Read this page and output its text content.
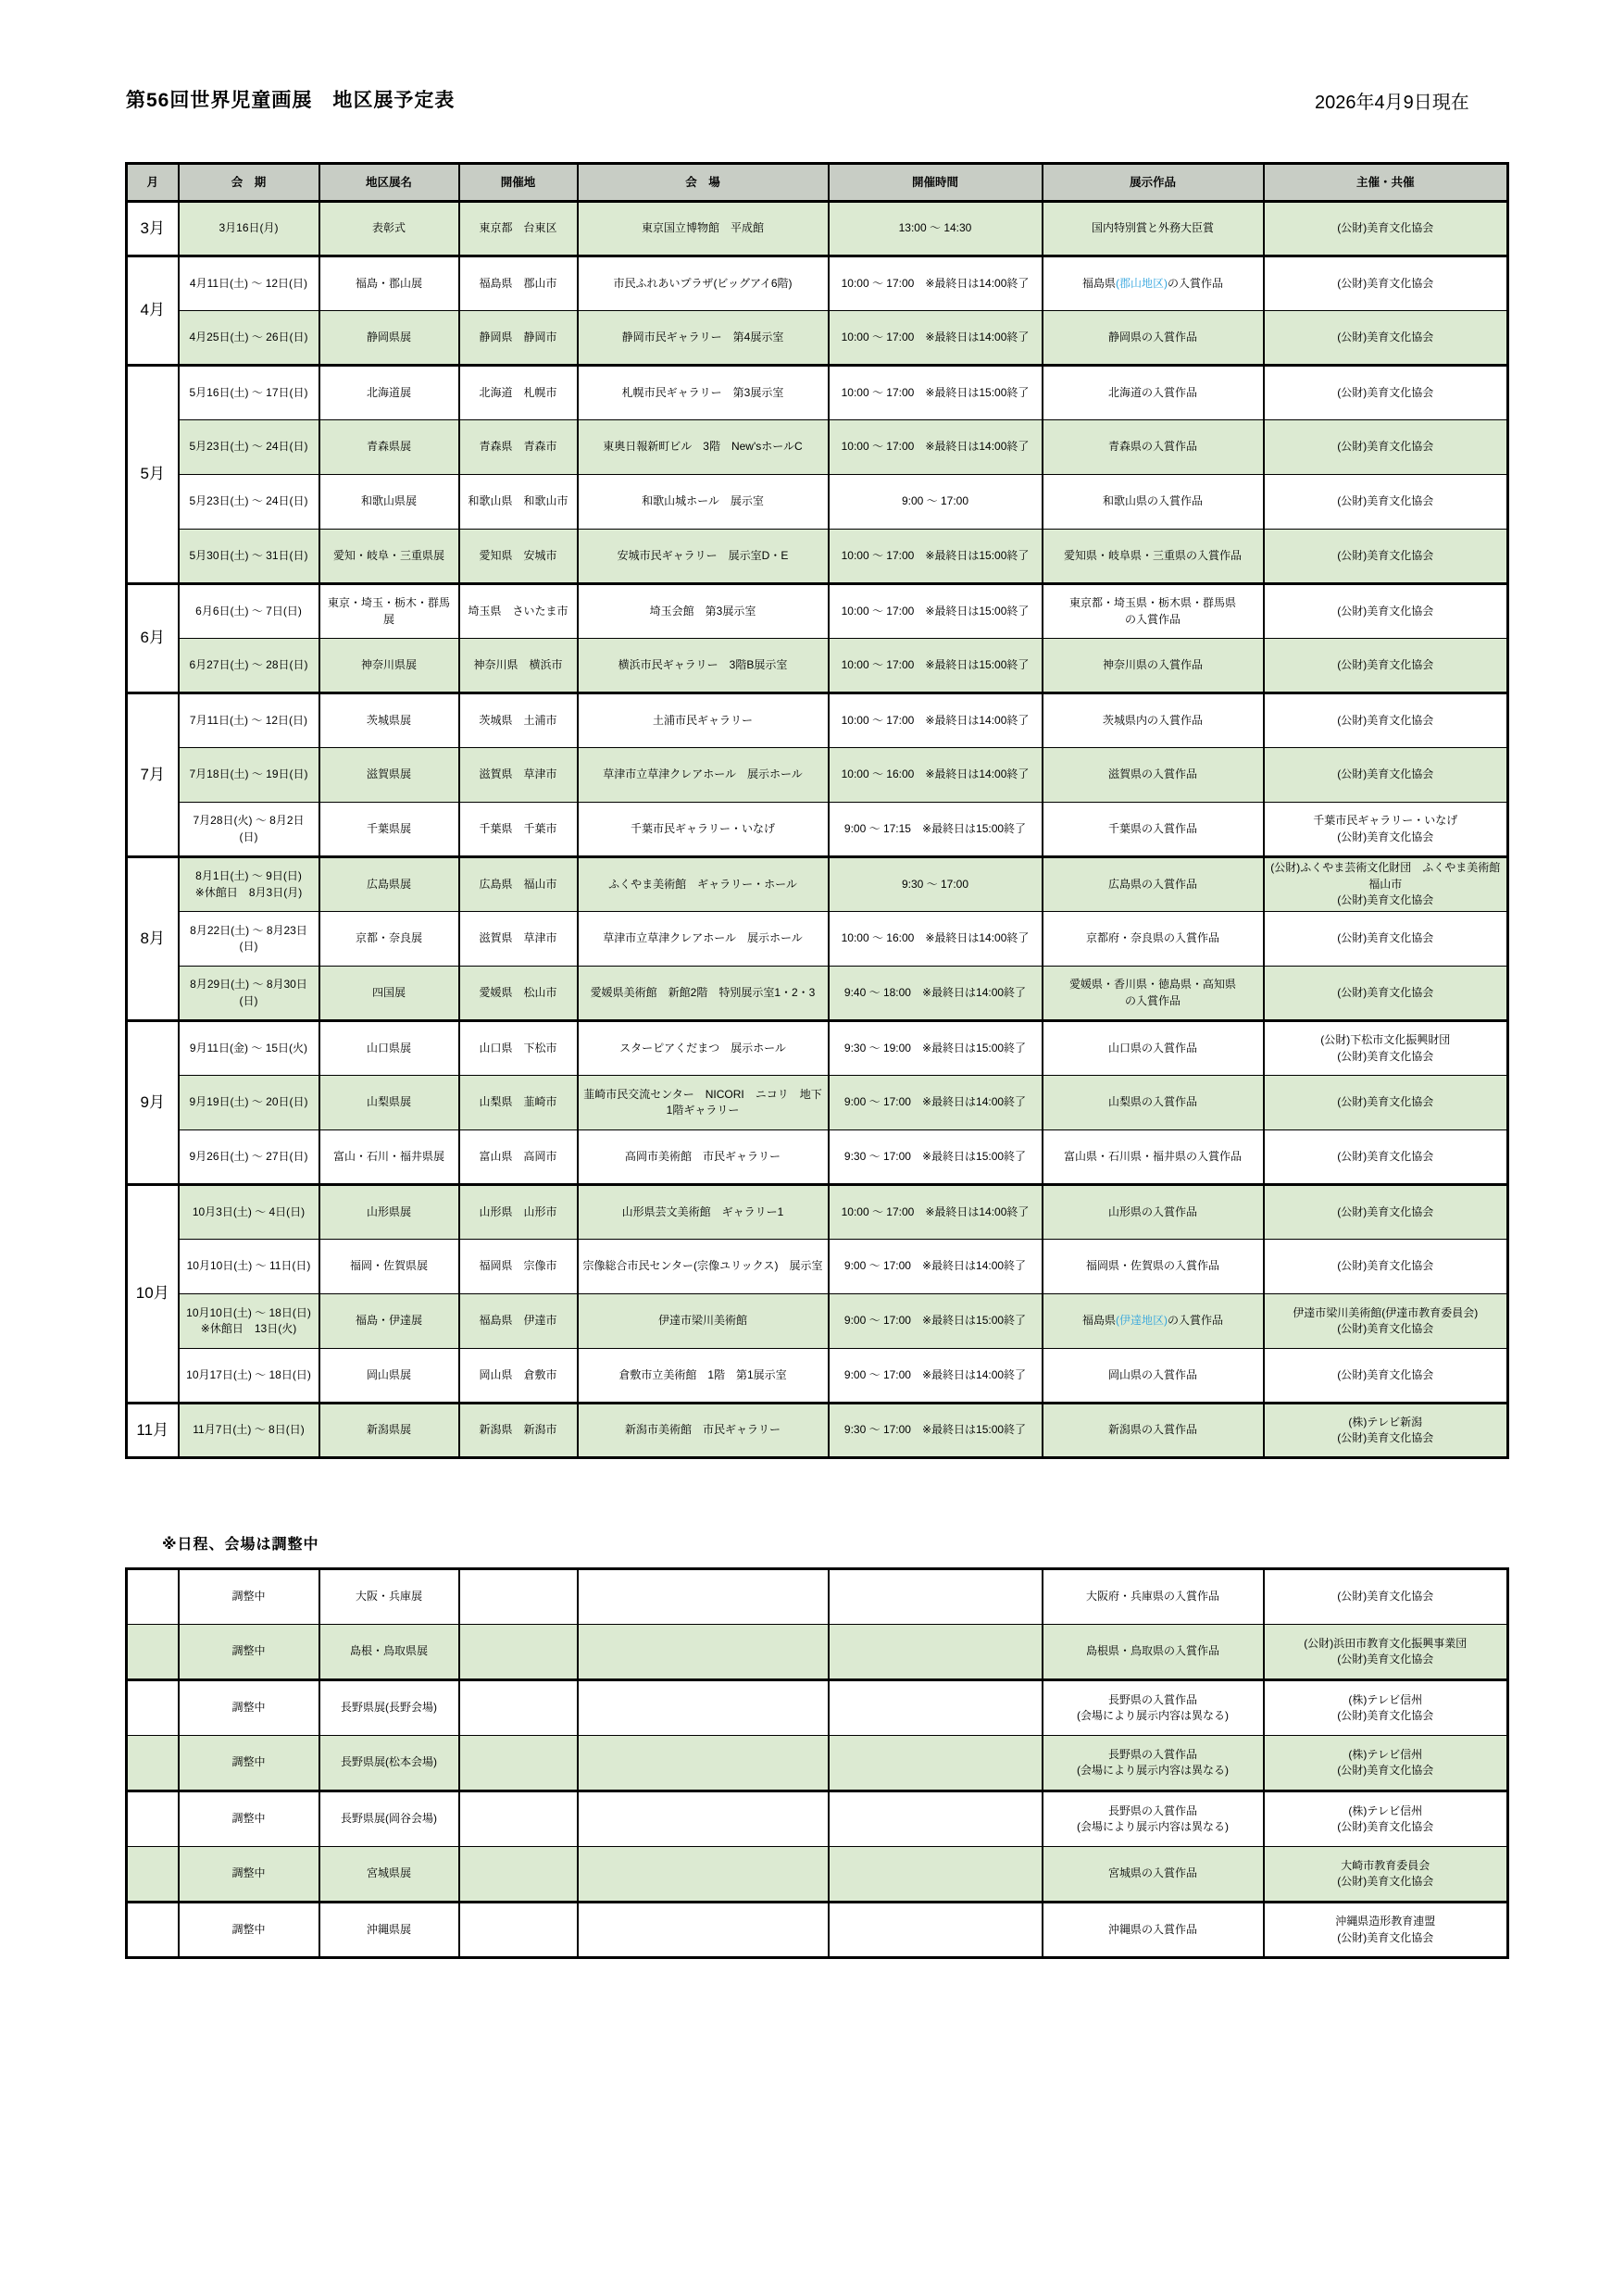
第56回世界児童画展　地区展予定表	2026年4月9日現在
月	会　期	地区展名	開催地	会　場	開催時間	展示作品	主催・共催
3月	3月16日(月)	表彰式	東京都　台東区	東京国立博物館　平成館	13:00 ～ 14:30	国内特別賞と外務大臣賞	(公財)美育文化協会
4月	4月11日(土) ～ 12日(日)	福島・郡山展	福島県　郡山市	市民ふれあいプラザ(ビッグアイ6階)	10:00 ～ 17:00　※最終日は14:00終了	福島県(郡山地区)の入賞作品	(公財)美育文化協会
	4月25日(土) ～ 26日(日)	静岡県展	静岡県　静岡市	静岡市民ギャラリー　第4展示室	10:00 ～ 17:00　※最終日は14:00終了	静岡県の入賞作品	(公財)美育文化協会
5月	5月16日(土) ～ 17日(日)	北海道展	北海道　札幌市	札幌市民ギャラリー　第3展示室	10:00 ～ 17:00　※最終日は15:00終了	北海道の入賞作品	(公財)美育文化協会
	5月23日(土) ～ 24日(日)	青森県展	青森県　青森市	東奥日報新町ビル　3階　New'sホールC	10:00 ～ 17:00　※最終日は14:00終了	青森県の入賞作品	(公財)美育文化協会
	5月23日(土) ～ 24日(日)	和歌山県展	和歌山県　和歌山市	和歌山城ホール　展示室	9:00 ～ 17:00	和歌山県の入賞作品	(公財)美育文化協会
	5月30日(土) ～ 31日(日)	愛知・岐阜・三重県展	愛知県　安城市	安城市民ギャラリー　展示室D・E	10:00 ～ 17:00　※最終日は15:00終了	愛知県・岐阜県・三重県の入賞作品	(公財)美育文化協会
6月	6月6日(土) ～ 7日(日)	東京・埼玉・栃木・群馬展	埼玉県　さいたま市	埼玉会館　第3展示室	10:00 ～ 17:00　※最終日は15:00終了	東京都・埼玉県・栃木県・群馬県
の入賞作品	(公財)美育文化協会
	6月27日(土) ～ 28日(日)	神奈川県展	神奈川県　横浜市	横浜市民ギャラリー　3階B展示室	10:00 ～ 17:00　※最終日は15:00終了	神奈川県の入賞作品	(公財)美育文化協会
7月	7月11日(土) ～ 12日(日)	茨城県展	茨城県　土浦市	土浦市民ギャラリー	10:00 ～ 17:00　※最終日は14:00終了	茨城県内の入賞作品	(公財)美育文化協会
	7月18日(土) ～ 19日(日)	滋賀県展	滋賀県　草津市	草津市立草津クレアホール　展示ホール	10:00 ～ 16:00　※最終日は14:00終了	滋賀県の入賞作品	(公財)美育文化協会
	7月28日(火) ～ 8月2日(日)	千葉県展	千葉県　千葉市	千葉市民ギャラリー・いなげ	9:00 ～ 17:15　※最終日は15:00終了	千葉県の入賞作品	千葉市民ギャラリー・いなげ
(公財)美育文化協会
8月	8月1日(土) ～ 9日(日)
※休館日　8月3日(月)	広島県展	広島県　福山市	ふくやま美術館　ギャラリー・ホール	9:30 ～ 17:00	広島県の入賞作品	(公財)ふくやま芸術文化財団　ふくやま美術館
福山市
(公財)美育文化協会
	8月22日(土) ～ 8月23日(日)	京都・奈良展	滋賀県　草津市	草津市立草津クレアホール　展示ホール	10:00 ～ 16:00　※最終日は14:00終了	京都府・奈良県の入賞作品	(公財)美育文化協会
	8月29日(土) ～ 8月30日(日)	四国展	愛媛県　松山市	愛媛県美術館　新館2階　特別展示室1・2・3	9:40 ～ 18:00　※最終日は14:00終了	愛媛県・香川県・徳島県・高知県
の入賞作品	(公財)美育文化協会
9月	9月11日(金) ～ 15日(火)	山口県展	山口県　下松市	スターピアくだまつ　展示ホール	9:30 ～ 19:00　※最終日は15:00終了	山口県の入賞作品	(公財)下松市文化振興財団
(公財)美育文化協会
	9月19日(土) ～ 20日(日)	山梨県展	山梨県　韮崎市	韮崎市民交流センター　NICORI　ニコリ　地下1階ギャラリー	9:00 ～ 17:00　※最終日は14:00終了	山梨県の入賞作品	(公財)美育文化協会
	9月26日(土) ～ 27日(日)	富山・石川・福井県展	富山県　高岡市	高岡市美術館　市民ギャラリー	9:30 ～ 17:00　※最終日は15:00終了	富山県・石川県・福井県の入賞作品	(公財)美育文化協会
10月	10月3日(土) ～ 4日(日)	山形県展	山形県　山形市	山形県芸文美術館　ギャラリー1	10:00 ～ 17:00　※最終日は14:00終了	山形県の入賞作品	(公財)美育文化協会
	10月10日(土) ～ 11日(日)	福岡・佐賀県展	福岡県　宗像市	宗像総合市民センター(宗像ユリックス)　展示室	9:00 ～ 17:00　※最終日は14:00終了	福岡県・佐賀県の入賞作品	(公財)美育文化協会
	10月10日(土) ～ 18日(日)
※休館日　13日(火)	福島・伊達展	福島県　伊達市	伊達市梁川美術館	9:00 ～ 17:00　※最終日は15:00終了	福島県(伊達地区)の入賞作品	伊達市梁川美術館(伊達市教育委員会)
(公財)美育文化協会
	10月17日(土) ～ 18日(日)	岡山県展	岡山県　倉敷市	倉敷市立美術館　1階　第1展示室	9:00 ～ 17:00　※最終日は14:00終了	岡山県の入賞作品	(公財)美育文化協会
11月	11月7日(土) ～ 8日(日)	新潟県展	新潟県　新潟市	新潟市美術館　市民ギャラリー	9:30 ～ 17:00　※最終日は15:00終了	新潟県の入賞作品	(株)テレビ新潟
(公財)美育文化協会
※日程、会場は調整中
	調整中	大阪・兵庫展				大阪府・兵庫県の入賞作品	(公財)美育文化協会
	調整中	島根・鳥取県展				島根県・鳥取県の入賞作品	(公財)浜田市教育文化振興事業団
(公財)美育文化協会
	調整中	長野県展(長野会場)				長野県の入賞作品
(会場により展示内容は異なる)	(株)テレビ信州
(公財)美育文化協会
	調整中	長野県展(松本会場)				長野県の入賞作品
(会場により展示内容は異なる)	(株)テレビ信州
(公財)美育文化協会
	調整中	長野県展(岡谷会場)				長野県の入賞作品
(会場により展示内容は異なる)	(株)テレビ信州
(公財)美育文化協会
	調整中	宮城県展				宮城県の入賞作品	大崎市教育委員会
(公財)美育文化協会
	調整中	沖縄県展				沖縄県の入賞作品	沖縄県造形教育連盟
(公財)美育文化協会
